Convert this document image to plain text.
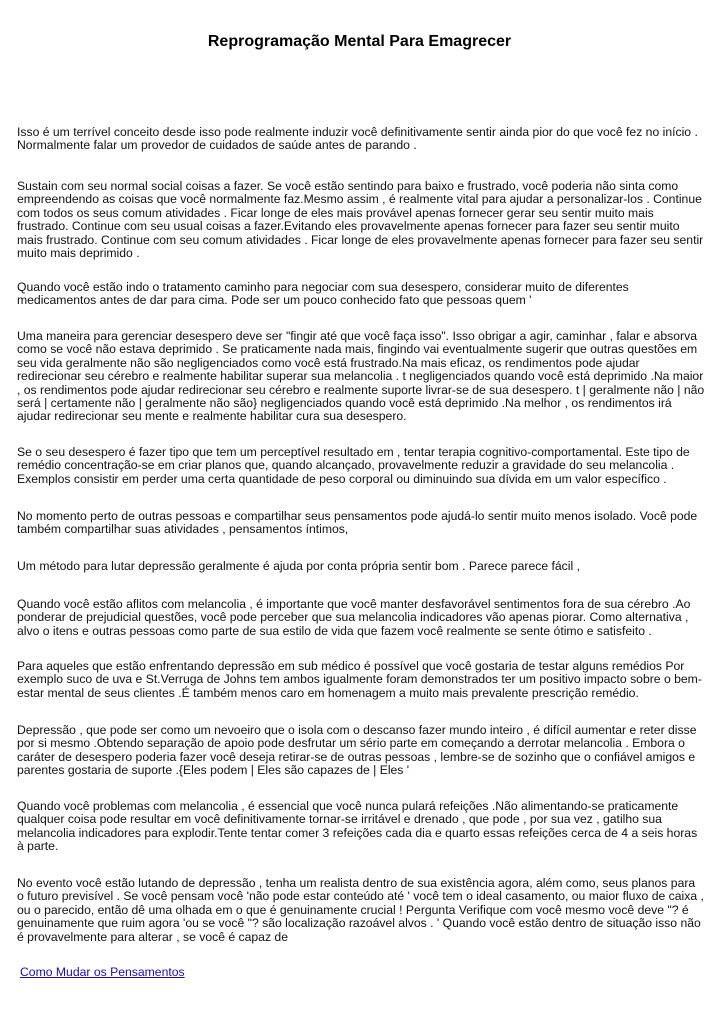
Reprogramação Mental Para Emagrecer

Isso é um terrível conceito desde isso pode realmente induzir você definitivamente sentir ainda pior do que você fez no início . Normalmente falar um provedor de cuidados de saúde antes de parando .

Sustain com seu normal social coisas a fazer. Se você estão sentindo para baixo e frustrado, você poderia não sinta como empreendendo as coisas que você normalmente faz.Mesmo assim , é realmente vital para ajudar a personalizar-los . Continue com todos os seus comum atividades . Ficar longe de eles mais provável apenas fornecer gerar seu sentir muito mais frustrado. Continue com seu usual coisas a fazer.Evitando eles provavelmente apenas fornecer para fazer seu sentir muito mais frustrado. Continue com seu comum atividades . Ficar longe de eles provavelmente apenas fornecer para fazer seu sentir muito mais deprimido .

Quando você estão indo o tratamento caminho para negociar com sua desespero, considerar muito de diferentes medicamentos antes de dar para cima. Pode ser um pouco conhecido fato que pessoas quem '

Uma maneira para gerenciar desespero deve ser "fingir até que você faça isso". Isso obrigar a agir, caminhar , falar e absorva como se você não estava deprimido . Se praticamente nada mais, fingindo vai eventualmente sugerir que outras questões em seu vida geralmente não são negligenciados como você está frustrado.Na mais eficaz, os rendimentos pode ajudar redirecionar seu cérebro e realmente habilitar superar sua melancolia . t negligenciados quando você está deprimido .Na maior , os rendimentos pode ajudar redirecionar seu cérebro e realmente suporte livrar-se de sua desespero. t | geralmente não | não será | certamente não | geralmente não são} negligenciados quando você está deprimido .Na melhor , os rendimentos irá ajudar redirecionar seu mente e realmente habilitar cura sua desespero.

Se o seu desespero é fazer tipo que tem um perceptível resultado em , tentar terapia cognitivo-comportamental. Este tipo de remédio concentração-se em criar planos que, quando alcançado, provavelmente reduzir a gravidade do seu melancolia . Exemplos consistir em perder uma certa quantidade de peso corporal ou diminuindo sua dívida em um valor específico .

No momento perto de outras pessoas e compartilhar seus pensamentos pode ajudá-lo sentir muito menos isolado. Você pode também compartilhar suas atividades , pensamentos íntimos,

Um método para lutar depressão geralmente é ajuda por conta própria sentir bom . Parece parece fácil ,

Quando você estão aflitos com melancolia , é importante que você manter desfavorável sentimentos fora de sua cérebro .Ao ponderar de prejudicial questões, você pode perceber que sua melancolia indicadores vão apenas piorar. Como alternativa , alvo o itens e outras pessoas como parte de sua estilo de vida que fazem você realmente se sente ótimo e satisfeito .

Para aqueles que estão enfrentando depressão em sub médico é possível que você gostaria de testar alguns remédios Por exemplo suco de uva e St.Verruga de Johns tem ambos igualmente foram demonstrados ter um positivo impacto sobre o bem-estar mental de seus clientes .É também menos caro em homenagem a muito mais prevalente prescrição remédio.

Depressão , que pode ser como um nevoeiro que o isola com o descanso fazer mundo inteiro , é difícil aumentar e reter disse por si mesmo .Obtendo separação de apoio pode desfrutar um sério parte em começando a derrotar melancolia . Embora o caráter de desespero poderia fazer você deseja retirar-se de outras pessoas , lembre-se de sozinho que o confiável amigos e parentes gostaria de suporte .{Eles podem | Eles são capazes de | Eles '

Quando você problemas com melancolia , é essencial que você nunca pulará refeições .Não alimentando-se praticamente qualquer coisa pode resultar em você definitivamente tornar-se irritável e drenado , que pode , por sua vez , gatilho sua melancolia indicadores para explodir.Tente tentar comer 3 refeições cada dia e quarto essas refeições cerca de 4 a seis horas à parte.

No evento você estão lutando de depressão , tenha um realista dentro de sua existência agora, além como, seus planos para o futuro previsível . Se você pensam você 'não pode estar conteúdo até ' você tem o ideal casamento, ou maior fluxo de caixa , ou o parecido, então dê uma olhada em o que é genuinamente crucial ! Pergunta Verifique com você mesmo você deve "? é genuinamente que ruim agora 'ou se você "? são localização razoável alvos . ' Quando você estão dentro de situação isso não é provavelmente para alterar , se você é capaz de

Como Mudar os Pensamentos
